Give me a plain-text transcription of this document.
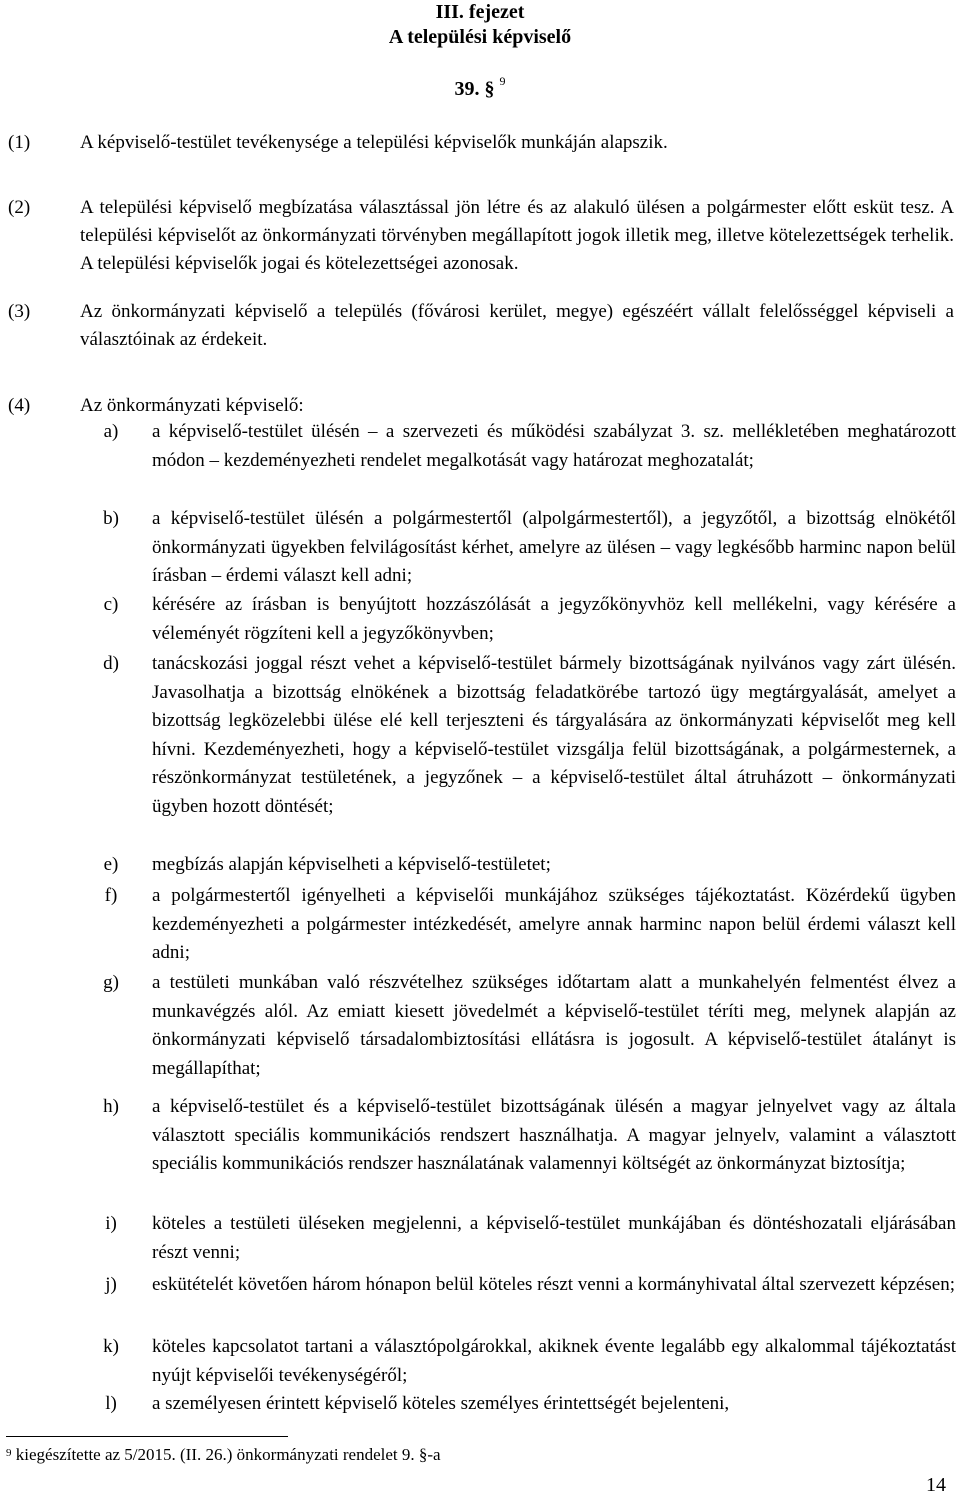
III. fejezet
A települési képviselő
39. § $^9$
(1)	A képviselő-testület tevékenysége a települési képviselők munkáján alapszik.
(2)	A települési képviselő megbízatása választással jön létre és az alakuló ülésen a polgármester előtt esküt tesz. A települési képviselőt az önkormányzati törvényben megállapított jogok illetik meg, illetve kötelezettségek terhelik. A települési képviselők jogai és kötelezettségei azonosak.
(3)	Az önkormányzati képviselő a település (fővárosi kerület, megye) egészéért vállalt felelősséggel képviseli a választóinak az érdekeit.
(4)	Az önkormányzati képviselő:
a)	a képviselő-testület ülésén – a szervezeti és működési szabályzat 3. sz. mellékletében meghatározott módon – kezdeményezheti rendelet megalkotását vagy határozat meghozatalát;
b)	a képviselő-testület ülésén a polgármestertől (alpolgármestertől), a jegyzőtől, a bizottság elnökétől önkormányzati ügyekben felvilágosítást kérhet, amelyre az ülésen – vagy legkésőbb harminc napon belül írásban – érdemi választ kell adni;
c)	kérésére az írásban is benyújtott hozzászólását a jegyzőkönyvhöz kell mellékelni, vagy kérésére a véleményét rögzíteni kell a jegyzőkönyvben;
d)	tanácskozási joggal részt vehet a képviselő-testület bármely bizottságának nyilvános vagy zárt ülésén. Javasolhatja a bizottság elnökének a bizottság feladatkörébe tartozó ügy megtárgyalását, amelyet a bizottság legközelebbi ülése elé kell terjeszteni és tárgyalására az önkormányzati képviselőt meg kell hívni. Kezdeményezheti, hogy a képviselő-testület vizsgálja felül bizottságának, a polgármesternek, a részönkormányzat testületének, a jegyzőnek – a képviselő-testület által átruházott – önkormányzati ügyben hozott döntését;
e)	megbízás alapján képviselheti a képviselő-testületet;
f)	a polgármestertől igényelheti a képviselői munkájához szükséges tájékoztatást. Közérdekű ügyben kezdeményezheti a polgármester intézkedését, amelyre annak harminc napon belül érdemi választ kell adni;
g)	a testületi munkában való részvételhez szükséges időtartam alatt a munkahelyén felmentést élvez a munkavégzés alól. Az emiatt kiesett jövedelmét a képviselő-testület téríti meg, melynek alapján az önkormányzati képviselő társadalombiztosítási ellátásra is jogosult. A képviselő-testület átalányt is megállapíthat;
h)	a képviselő-testület és a képviselő-testület bizottságának ülésén a magyar jelnyelvet vagy az általa választott speciális kommunikációs rendszert használhatja. A magyar jelnyelv, valamint a választott speciális kommunikációs rendszer használatának valamennyi költségét az önkormányzat biztosítja;
i)	köteles a testületi üléseken megjelenni, a képviselő-testület munkájában és döntéshozatali eljárásában részt venni;
j)	eskütételét követően három hónapon belül köteles részt venni a kormányhivatal által szervezett képzésen;
k)	köteles kapcsolatot tartani a választópolgárokkal, akiknek évente legalább egy alkalommal tájékoztatást nyújt képviselői tevékenységéről;
l)	a személyesen érintett képviselő köteles személyes érintettségét bejelenteni,
$^9$ kiegészítette az 5/2015. (II. 26.) önkormányzati rendelet 9. §-a
14
